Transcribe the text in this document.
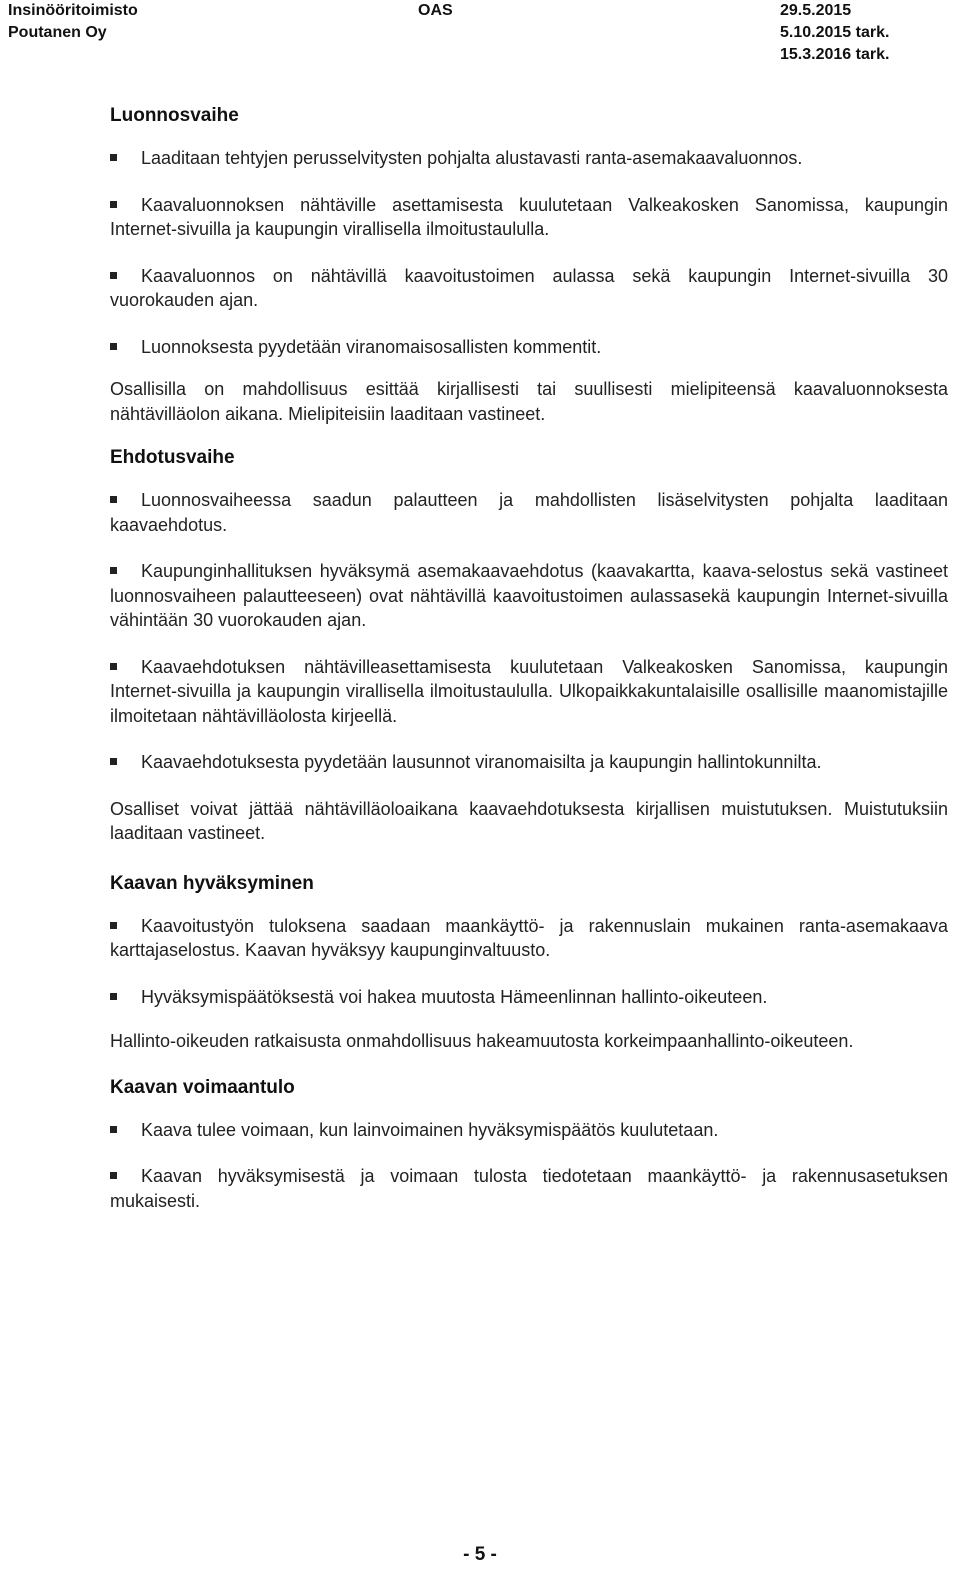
Insinööritoimisto
Poutanen Oy
OAS	29.5.2015
5.10.2015 tark.
15.3.2016 tark.
Luonnosvaihe

Laaditaan tehtyjen perusselvitysten pohjalta alustavasti ranta-asemakaavaluonnos.

Kaavaluonnoksen nähtäville asettamisesta kuulutetaan Valkeakosken Sanomissa, kaupungin Internet-sivuilla ja kaupungin virallisella ilmoitustaululla.

Kaavaluonnos on nähtävillä kaavoitustoimen aulassa sekä kaupungin Internet-sivuilla 30 vuorokauden ajan.

Luonnoksesta pyydetään viranomaisosallisten kommentit.

Osallisilla on mahdollisuus esittää kirjallisesti tai suullisesti mielipiteensä kaavaluonnoksesta nähtävilläolon aikana. Mielipiteisiin laaditaan vastineet.

Ehdotusvaihe

Luonnosvaiheessa saadun palautteen ja mahdollisten lisäselvitysten pohjalta laaditaan kaavaehdotus.

Kaupunginhallituksen hyväksymä asemakaavaehdotus (kaavakartta, kaava-selostus sekä vastineet luonnosvaiheen palautteeseen) ovat nähtävillä kaavoitustoimen aulassasekä kaupungin Internet-sivuilla vähintään 30 vuorokauden ajan.

Kaavaehdotuksen nähtävilleasettamisesta kuulutetaan Valkeakosken Sanomissa, kaupungin Internet-sivuilla ja kaupungin virallisella ilmoitustaululla. Ulkopaikkakuntalaisille osallisille maanomistajille ilmoitetaan nähtävilläolosta kirjeellä.

Kaavaehdotuksesta pyydetään lausunnot viranomaisilta ja kaupungin hallintokunnilta.

Osalliset voivat jättää nähtävilläoloaikana kaavaehdotuksesta kirjallisen muistutuksen. Muistutuksiin laaditaan vastineet.

Kaavan hyväksyminen

Kaavoitustyön tuloksena saadaan maankäyttö- ja rakennuslain mukainen ranta-asemakaava karttajaselostus. Kaavan hyväksyy kaupunginvaltuusto.

Hyväksymispäätöksestä voi hakea muutosta Hämeenlinnan hallinto-oikeuteen.

Hallinto-oikeuden ratkaisusta onmahdollisuus hakeamuutosta korkeimpaanhallinto-oikeuteen.

Kaavan voimaantulo

Kaava tulee voimaan, kun lainvoimainen hyväksymispäätös kuulutetaan.

Kaavan hyväksymisestä ja voimaan tulosta tiedotetaan maankäyttö- ja rakennusasetuksen mukaisesti.

- 5 -
